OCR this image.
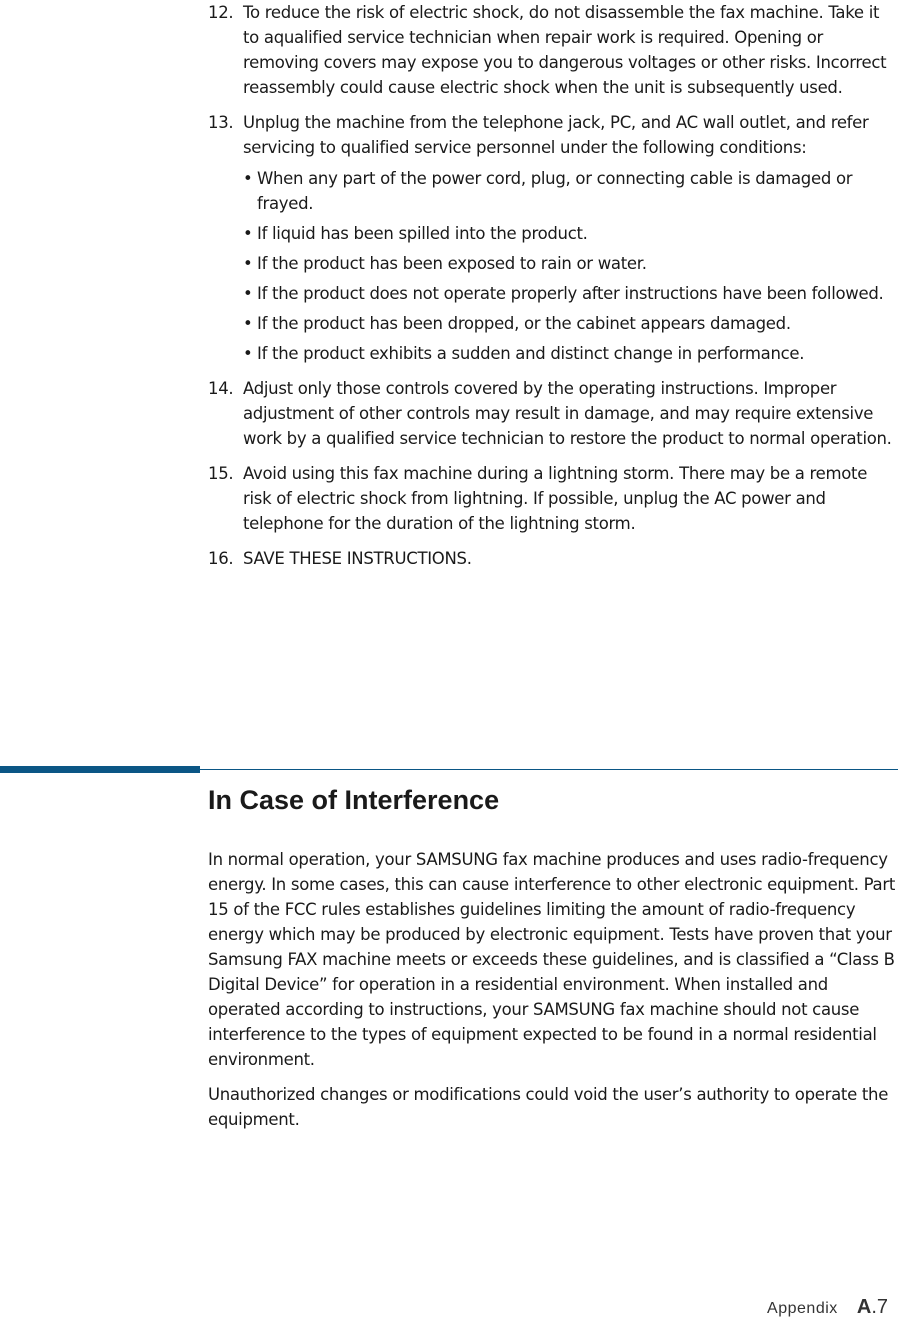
12. To reduce the risk of electric shock, do not disassemble the fax machine. Take it to aqualified service technician when repair work is required. Opening or removing covers may expose you to dangerous voltages or other risks. Incorrect reassembly could cause electric shock when the unit is subsequently used.
13. Unplug the machine from the telephone jack, PC, and AC wall outlet, and refer servicing to qualified service personnel under the following conditions:
• When any part of the power cord, plug, or connecting cable is damaged or frayed.
• If liquid has been spilled into the product.
• If the product has been exposed to rain or water.
• If the product does not operate properly after instructions have been followed.
• If the product has been dropped, or the cabinet appears damaged.
• If the product exhibits a sudden and distinct change in performance.
14. Adjust only those controls covered by the operating instructions. Improper adjustment of other controls may result in damage, and may require extensive work by a qualified service technician to restore the product to normal operation.
15. Avoid using this fax machine during a lightning storm. There may be a remote risk of electric shock from lightning. If possible, unplug the AC power and telephone for the duration of the lightning storm.
16. SAVE THESE INSTRUCTIONS.
In Case of Interference

In normal operation, your SAMSUNG fax machine produces and uses radio-frequency energy. In some cases, this can cause interference to other electronic equipment. Part 15 of the FCC rules establishes guidelines limiting the amount of radio-frequency energy which may be produced by electronic equipment. Tests have proven that your Samsung FAX machine meets or exceeds these guidelines, and is classified a “Class B Digital Device” for operation in a residential environment. When installed and operated according to instructions, your SAMSUNG fax machine should not cause interference to the types of equipment expected to be found in a normal residential environment.

Unauthorized changes or modifications could void the user’s authority to operate the equipment.

Appendix A.7
